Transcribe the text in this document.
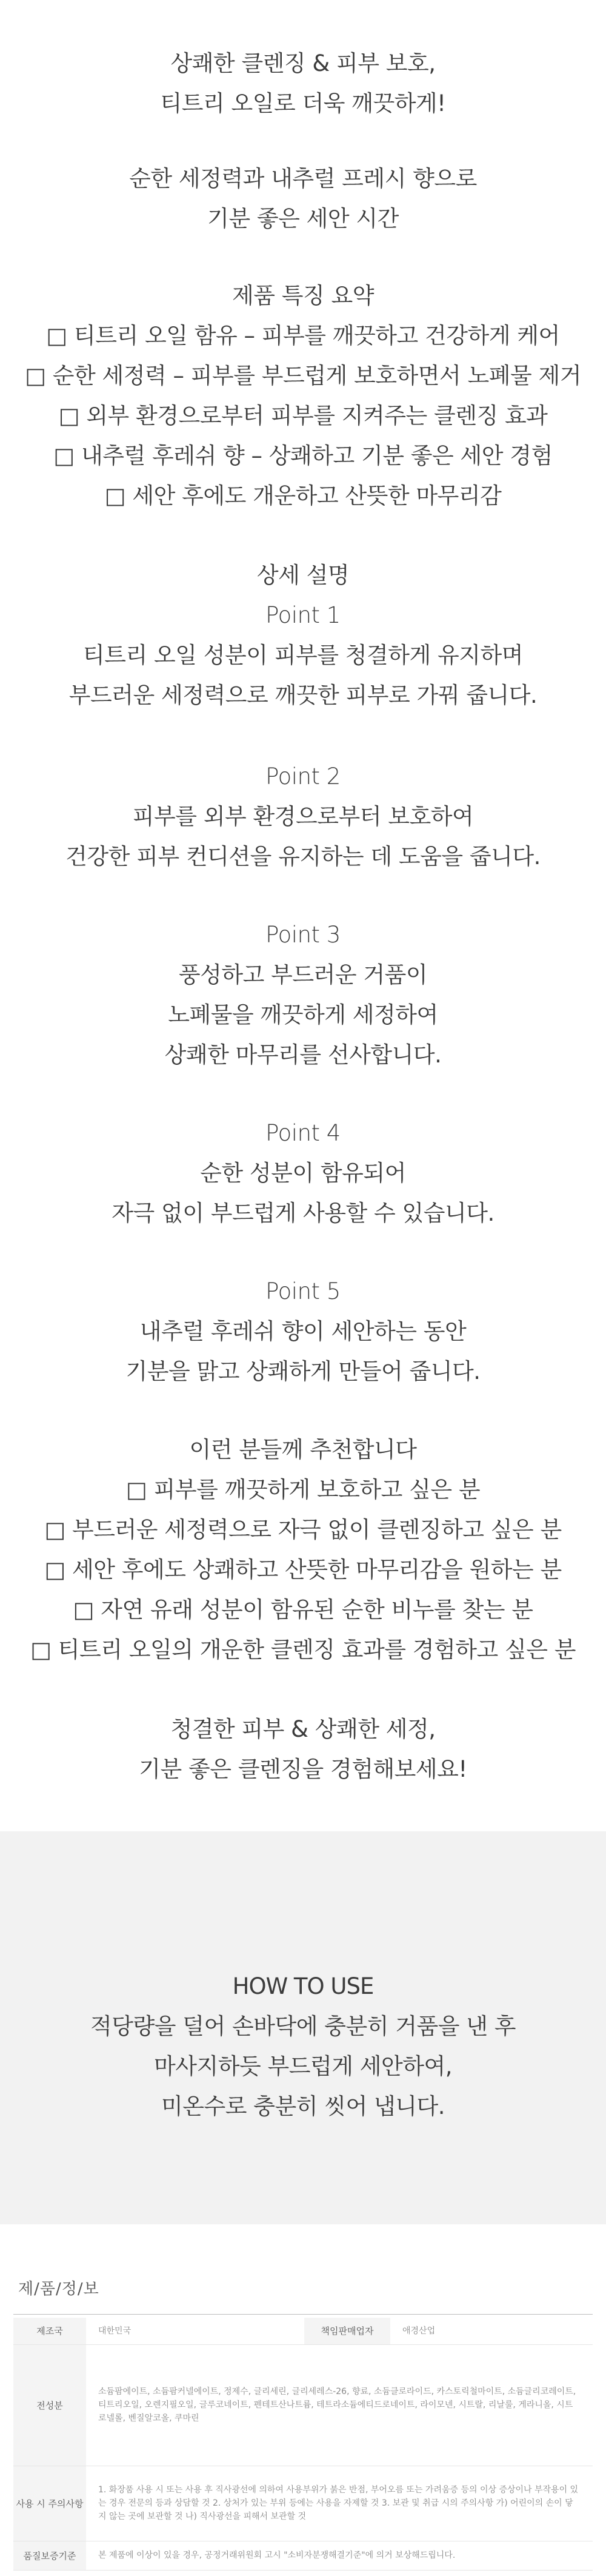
상쾌한 클렌징 & 피부 보호,
티트리 오일로 더욱 깨끗하게!
순한 세정력과 내추럴 프레시 향으로
기분 좋은 세안 시간
제품 특징 요약
□ 티트리 오일 함유 – 피부를 깨끗하고 건강하게 케어
□ 순한 세정력 – 피부를 부드럽게 보호하면서 노폐물 제거
□ 외부 환경으로부터 피부를 지켜주는 클렌징 효과
□ 내추럴 후레쉬 향 – 상쾌하고 기분 좋은 세안 경험
□ 세안 후에도 개운하고 산뜻한 마무리감
상세 설명
Point 1
티트리 오일 성분이 피부를 청결하게 유지하며
부드러운 세정력으로 깨끗한 피부로 가꿔 줍니다.
Point 2
피부를 외부 환경으로부터 보호하여
건강한 피부 컨디션을 유지하는 데 도움을 줍니다.
Point 3
풍성하고 부드러운 거품이
노폐물을 깨끗하게 세정하여
상쾌한 마무리를 선사합니다.
Point 4
순한 성분이 함유되어
자극 없이 부드럽게 사용할 수 있습니다.
Point 5
내추럴 후레쉬 향이 세안하는 동안
기분을 맑고 상쾌하게 만들어 줍니다.
이런 분들께 추천합니다
□ 피부를 깨끗하게 보호하고 싶은 분
□ 부드러운 세정력으로 자극 없이 클렌징하고 싶은 분
□ 세안 후에도 상쾌하고 산뜻한 마무리감을 원하는 분
□ 자연 유래 성분이 함유된 순한 비누를 찾는 분
□ 티트리 오일의 개운한 클렌징 효과를 경험하고 싶은 분
청결한 피부 & 상쾌한 세정,
기분 좋은 클렌징을 경험해보세요!
HOW TO USE
적당량을 덜어 손바닥에 충분히 거품을 낸 후
마사지하듯 부드럽게 세안하여,
미온수로 충분히 씻어 냅니다.
제/품/정/보
제조국	대한민국	책임판매업자	애경산업
전성분	소듐팜에이트, 소듐팜커넬에이트, 정제수, 글리세린, 글리세레스-26, 향료, 소듐클로라이드, 카스토릭철마이트, 소듐글리코레이트, 티트리오일, 오렌지필오일, 글루코네이트, 펜테트산나트륨, 테트라소듐에티드로네이트, 라이모넨, 시트랄, 리날룰, 게라니올, 시트로넬롤, 벤질알코올, 쿠마린		
사용 시 주의사항	1. 화장품 사용 시 또는 사용 후 직사광선에 의하여 사용부위가 붉은 반점, 부어오름 또는 가려움증 등의 이상 증상이나 부작용이 있는 경우 전문의 등과 상담할 것 2. 상처가 있는 부위 등에는 사용을 자제할 것 3. 보관 및 취급 시의 주의사항 가) 어린이의 손이 닿지 않는 곳에 보관할 것 나) 직사광선을 피해서 보관할 것		
품질보증기준	본 제품에 이상이 있을 경우, 공정거래위원회 고시 "소비자분쟁해결기준"에 의거 보상해드립니다.		
